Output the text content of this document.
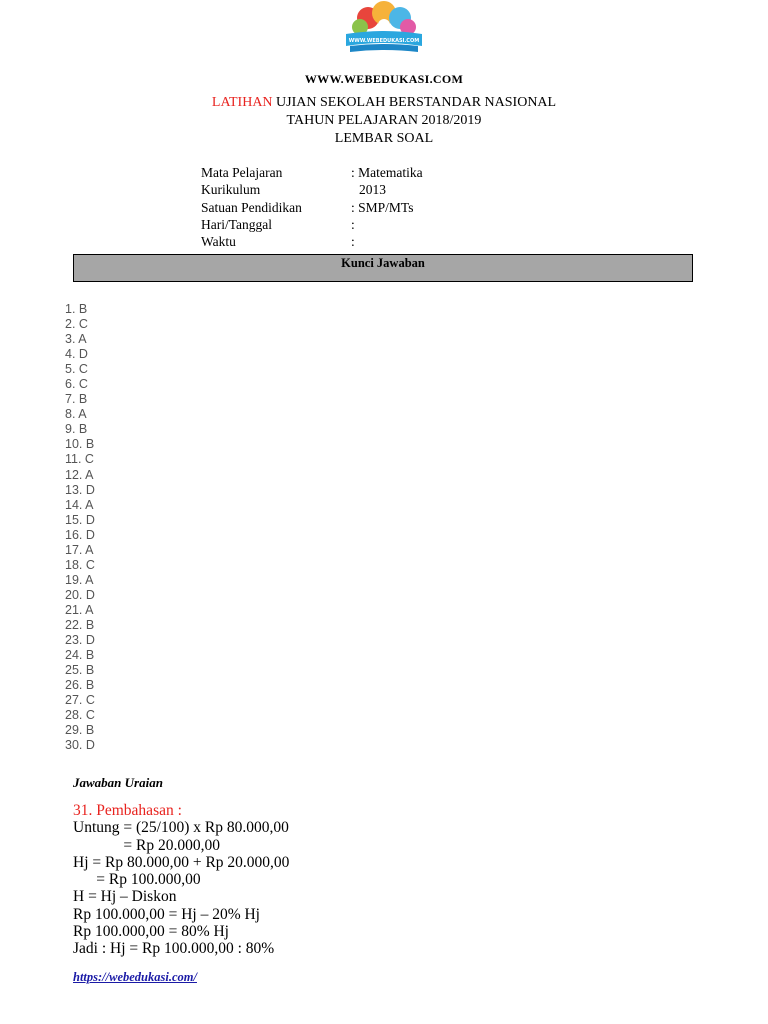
WWW.WEBEDUKASI.COM
WWW.WEBEDUKASI.COM
LATIHAN UJIAN SEKOLAH BERSTANDAR NASIONAL
TAHUN PELAJARAN 2018/2019
LEMBAR SOAL
Mata Pelajaran	: Matematika
Kurikulum	2013
Satuan Pendidikan	: SMP/MTs
Hari/Tanggal	:
Waktu	:
Kunci Jawaban
1. B
2. C
3. A
4. D
5. C
6. C
7. B
8. A
9. B
10. B
11. C
12. A
13. D
14. A
15. D
16. D
17. A
18. C
19. A
20. D
21. A
22. B
23. D
24. B
25. B
26. B
27. C
28. C
29. B
30. D
Jawaban Uraian
31. Pembahasan :
Untung = (25/100) x Rp 80.000,00
= Rp 20.000,00
Hj = Rp 80.000,00 + Rp 20.000,00
= Rp 100.000,00
H = Hj – Diskon
Rp 100.000,00 = Hj – 20% Hj
Rp 100.000,00 = 80% Hj
Jadi : Hj = Rp 100.000,00 : 80%
https://webedukasi.com/
